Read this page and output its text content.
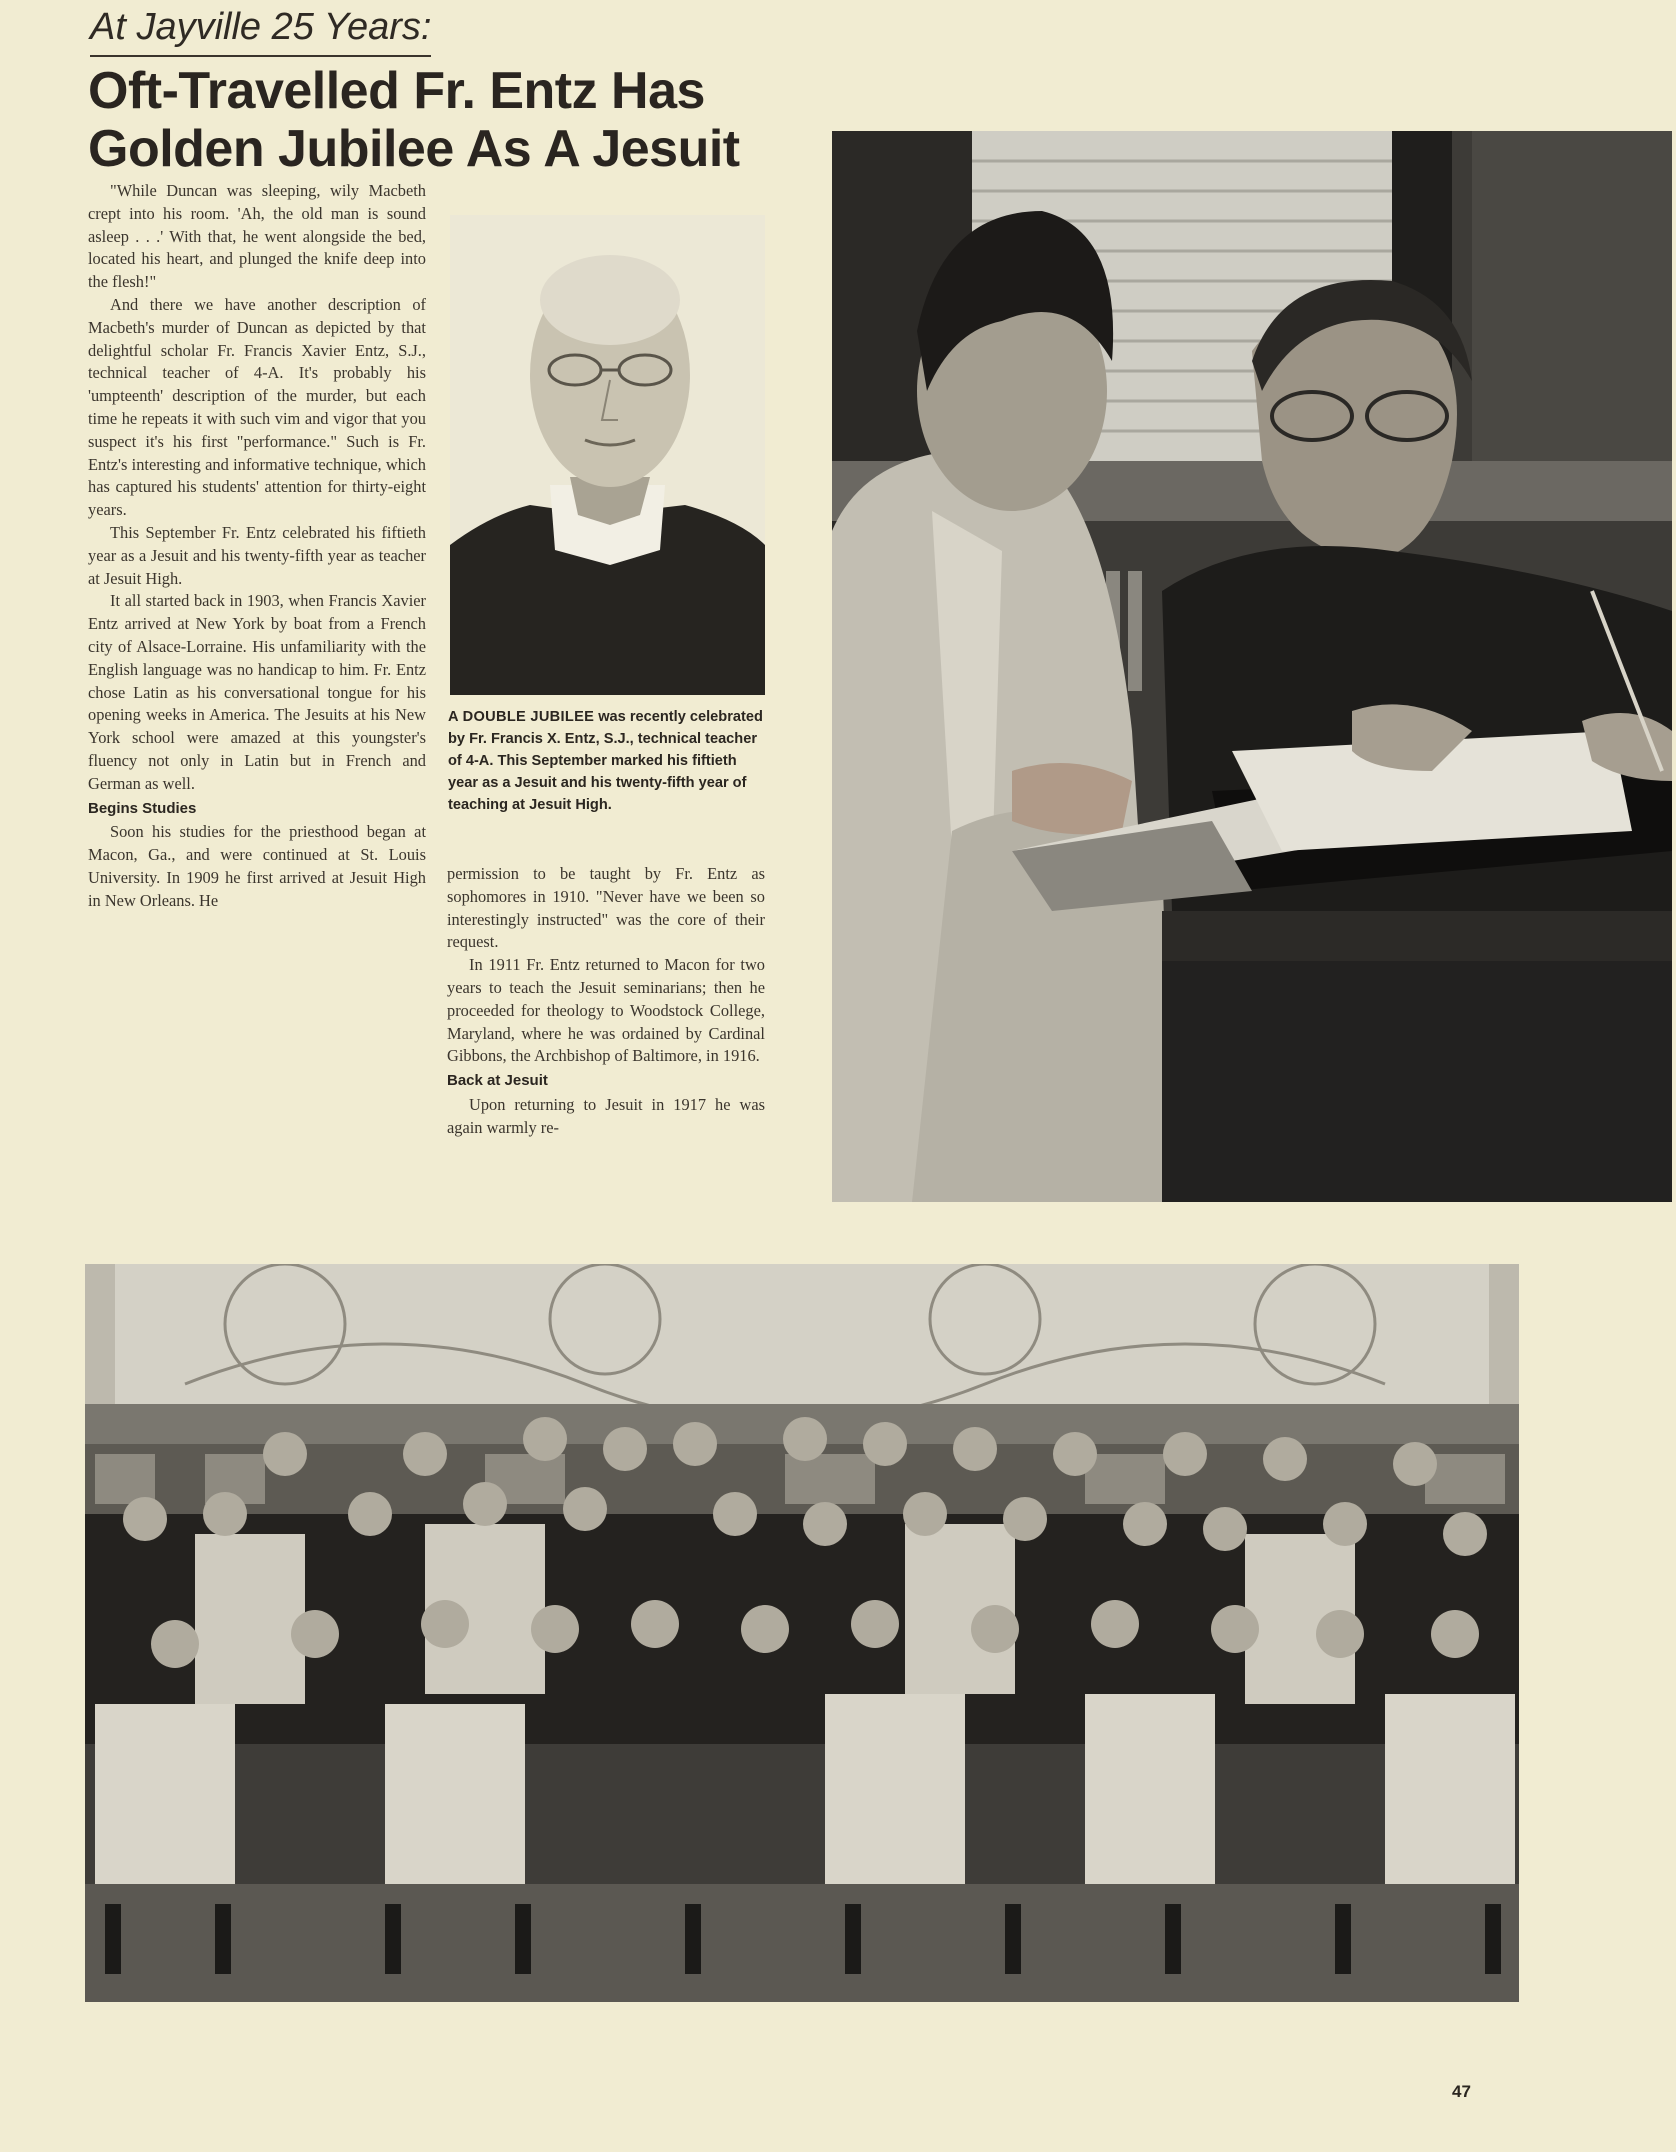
At Jayville 25 Years:
Oft-Travelled Fr. Entz Has Golden Jubilee As A Jesuit

"While Duncan was sleeping, wily Macbeth crept into his room. 'Ah, the old man is sound asleep . . .' With that, he went alongside the bed, located his heart, and plunged the knife deep into the flesh!"

And there we have another description of Macbeth's murder of Duncan as depicted by that delightful scholar Fr. Francis Xavier Entz, S.J., technical teacher of 4-A. It's probably his 'umpteenth' description of the murder, but each time he repeats it with such vim and vigor that you suspect it's his first "performance." Such is Fr. Entz's interesting and informative technique, which has captured his students' attention for thirty-eight years.

This September Fr. Entz celebrated his fiftieth year as a Jesuit and his twenty-fifth year as teacher at Jesuit High.

It all started back in 1903, when Francis Xavier Entz arrived at New York by boat from a French city of Alsace-Lorraine. His unfamiliarity with the English language was no handicap to him. Fr. Entz chose Latin as his conversational tongue for his opening weeks in America. The Jesuits at his New York school were amazed at this youngster's fluency not only in Latin but in French and German as well.

Begins Studies

Soon his studies for the priesthood began at Macon, Ga., and were continued at St. Louis University. In 1909 he first arrived at Jesuit High in New Orleans. He

A DOUBLE JUBILEE was recently celebrated by Fr. Francis X. Entz, S.J., technical teacher of 4-A. This September marked his fiftieth year as a Jesuit and his twenty-fifth year of teaching at Jesuit High.

permission to be taught by Fr. Entz as sophomores in 1910. "Never have we been so interestingly instructed" was the core of their request.

In 1911 Fr. Entz returned to Macon for two years to teach the Jesuit seminarians; then he proceeded for theology to Woodstock College, Maryland, where he was ordained by Cardinal Gibbons, the Archbishop of Baltimore, in 1916.

Back at Jesuit

Upon returning to Jesuit in 1917 he was again warmly re-

47
